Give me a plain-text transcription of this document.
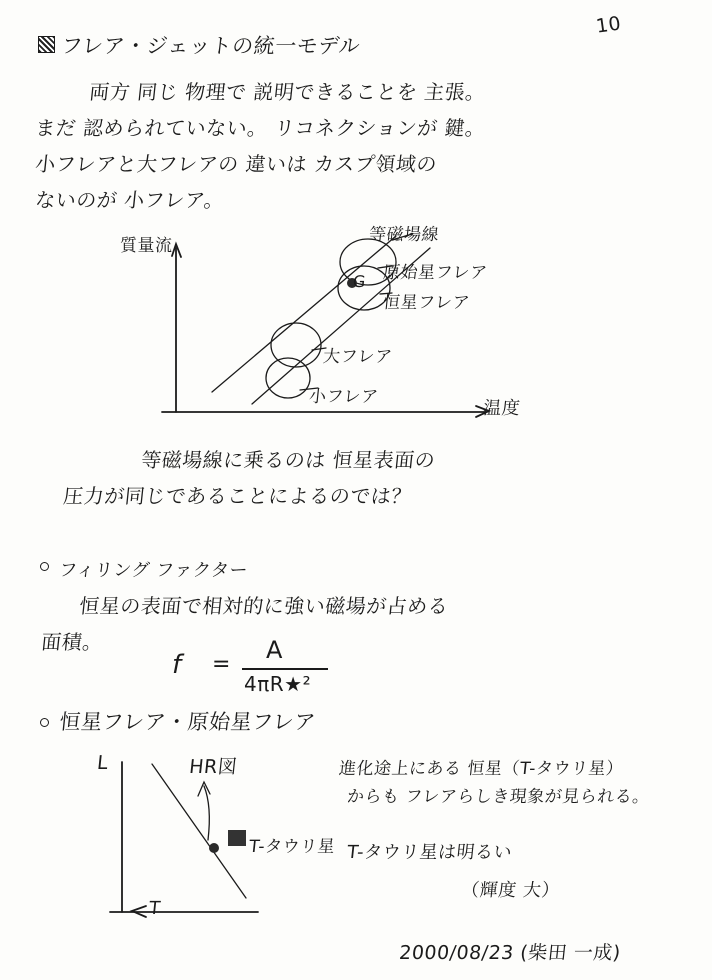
10
フレア・ジェットの統一モデル
両方 同じ 物理で 説明できることを 主張。
まだ 認められていない。 リコネクションが 鍵。
小フレアと大フレアの 違いは カスプ領域の
ないのが 小フレア。
質量流
等磁場線
原始星フレア
恒星フレア
大フレア
小フレア
G
温度
等磁場線に乗るのは 恒星表面の
圧力が同じであることによるのでは？
フィリング ファクター
恒星の表面で相対的に強い磁場が占める
面積。
f =
A
4πR★²
恒星フレア・原始星フレア
L	HR図
T
T-タウリ星
進化途上にある 恒星（T-タウリ星）
からも フレアらしき現象が見られる。
T-タウリ星は明るい
（輝度 大）
2000/08/23 (柴田 一成)
